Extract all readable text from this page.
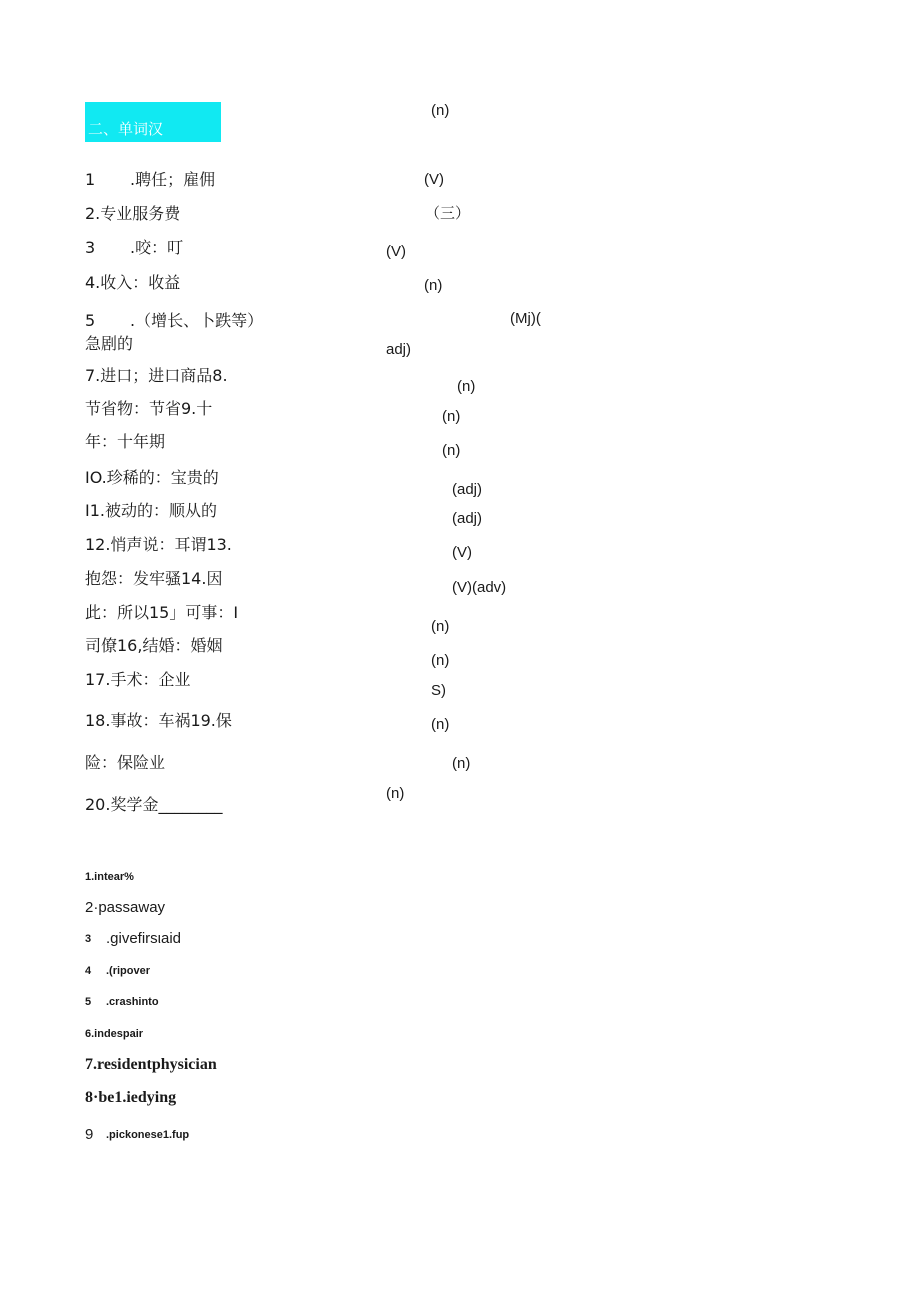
二、单词汉
1 .聘任；雇佣
2.专业服务费
3 .咬：叮
4.收入：收益
5 .（增长、卜跌等）
急剧的
7.进口；进口商品8.
节省物：节省9.十
年：十年期
IO.珍稀的：宝贵的
I1.被动的：顺从的
12.悄声说：耳谓13.
抱怨：发牢骚14.因
此：所以15」可事：I
司僚16,结婚：婚姻
17.手术：企业
18.事故：车祸19.保
险：保险业
20.奖学金________
(n)
(V)
（三）
(V)
(n)
(Mj)(
adj)
(n)
(n)
(n)
(adj)
(adj)
(V)
(V)(adv)
(n)
(n)
S)
(n)
(n)
(n)
1.intear%
2·passaway
3 .givefirsιaid
4 .(ripover
5 .crashinto
6.indespair
7.residentphysician
8·be1.iedying
9 .pickonese1.fup
